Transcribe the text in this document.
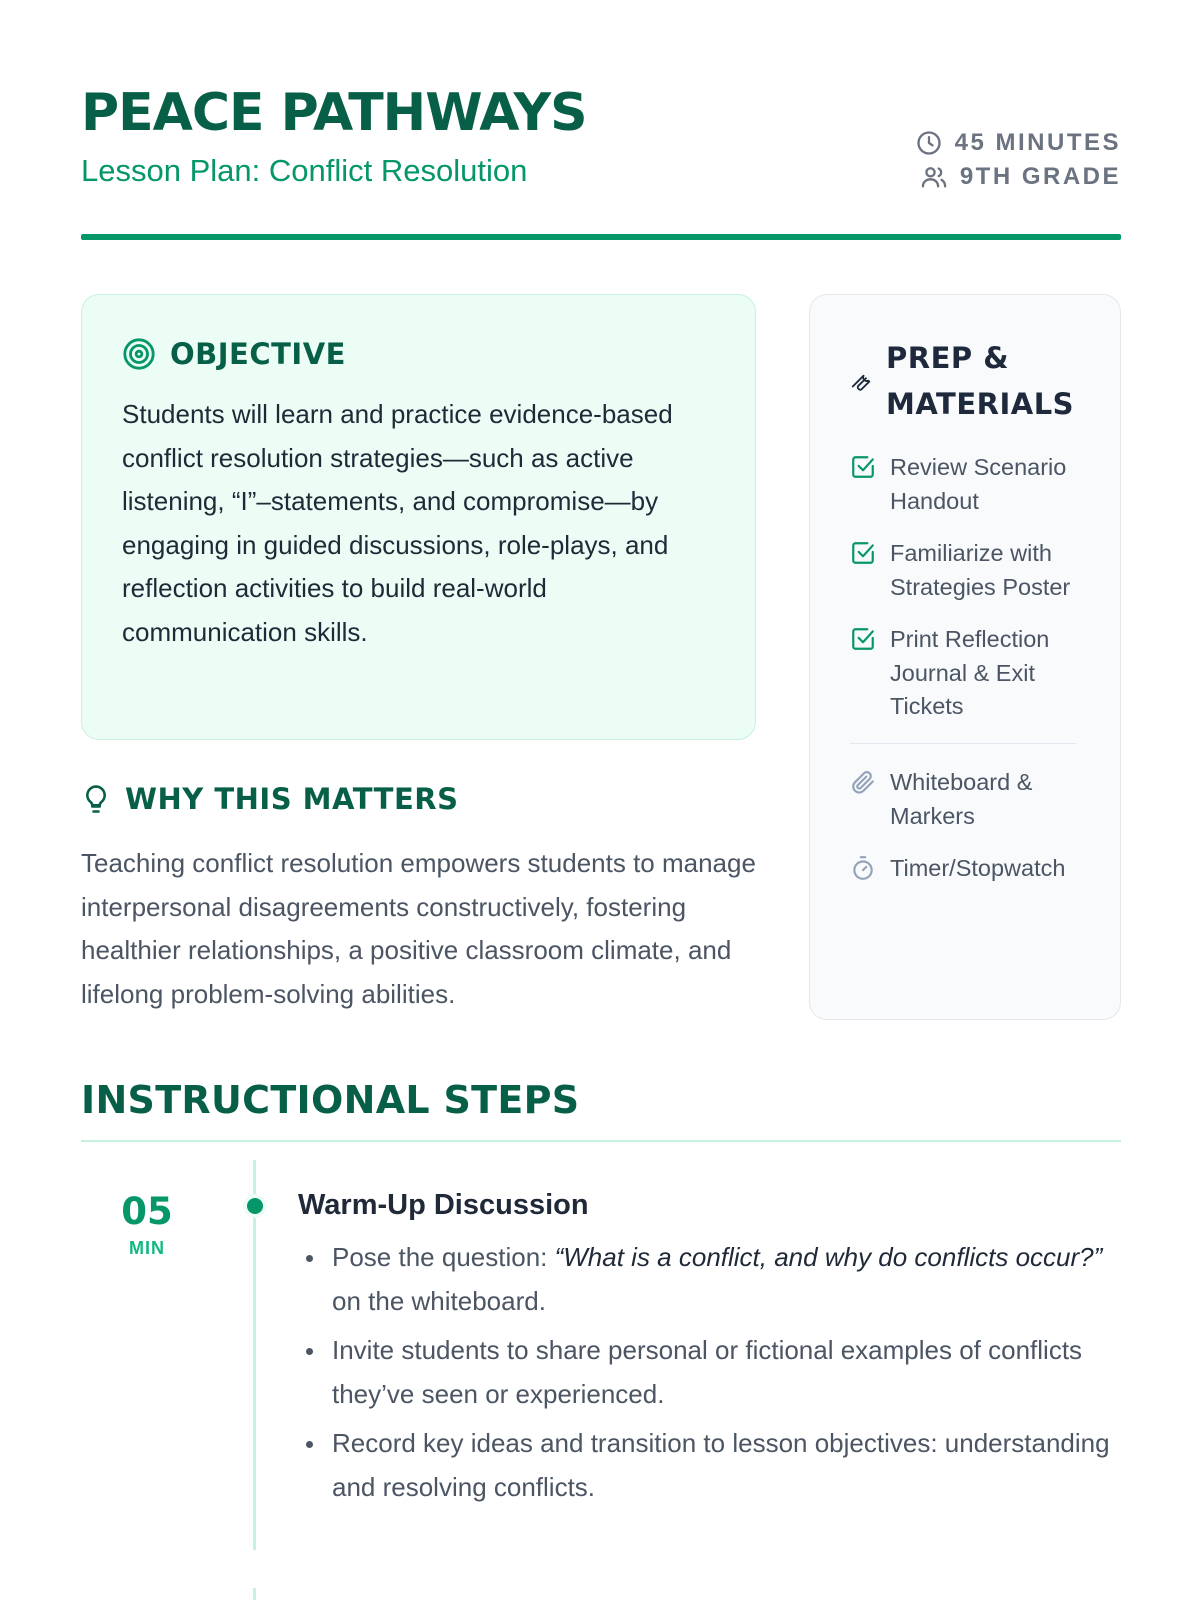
PEACE PATHWAYS
Lesson Plan: Conflict Resolution
45 MINUTES
9TH GRADE
OBJECTIVE

Students will learn and practice evidence-based conflict resolution strategies—such as active listening, “I”–statements, and compromise—by engaging in guided discussions, role-plays, and reflection activities to build real-world communication skills.

WHY THIS MATTERS

Teaching conflict resolution empowers students to manage interpersonal disagreements constructively, fostering healthier relationships, a positive classroom climate, and lifelong problem-solving abilities.

PREP & MATERIALS
Review Scenario Handout
Familiarize with Strategies Poster
Print Reflection Journal & Exit Tickets
Whiteboard & Markers
Timer/Stopwatch
INSTRUCTIONAL STEPS
05
MIN
Warm-Up Discussion
Pose the question: “What is a conflict, and why do conflicts occur?” on the whiteboard.
Invite students to share personal or fictional examples of conflicts they’ve seen or experienced.
Record key ideas and transition to lesson objectives: understanding and resolving conflicts.
